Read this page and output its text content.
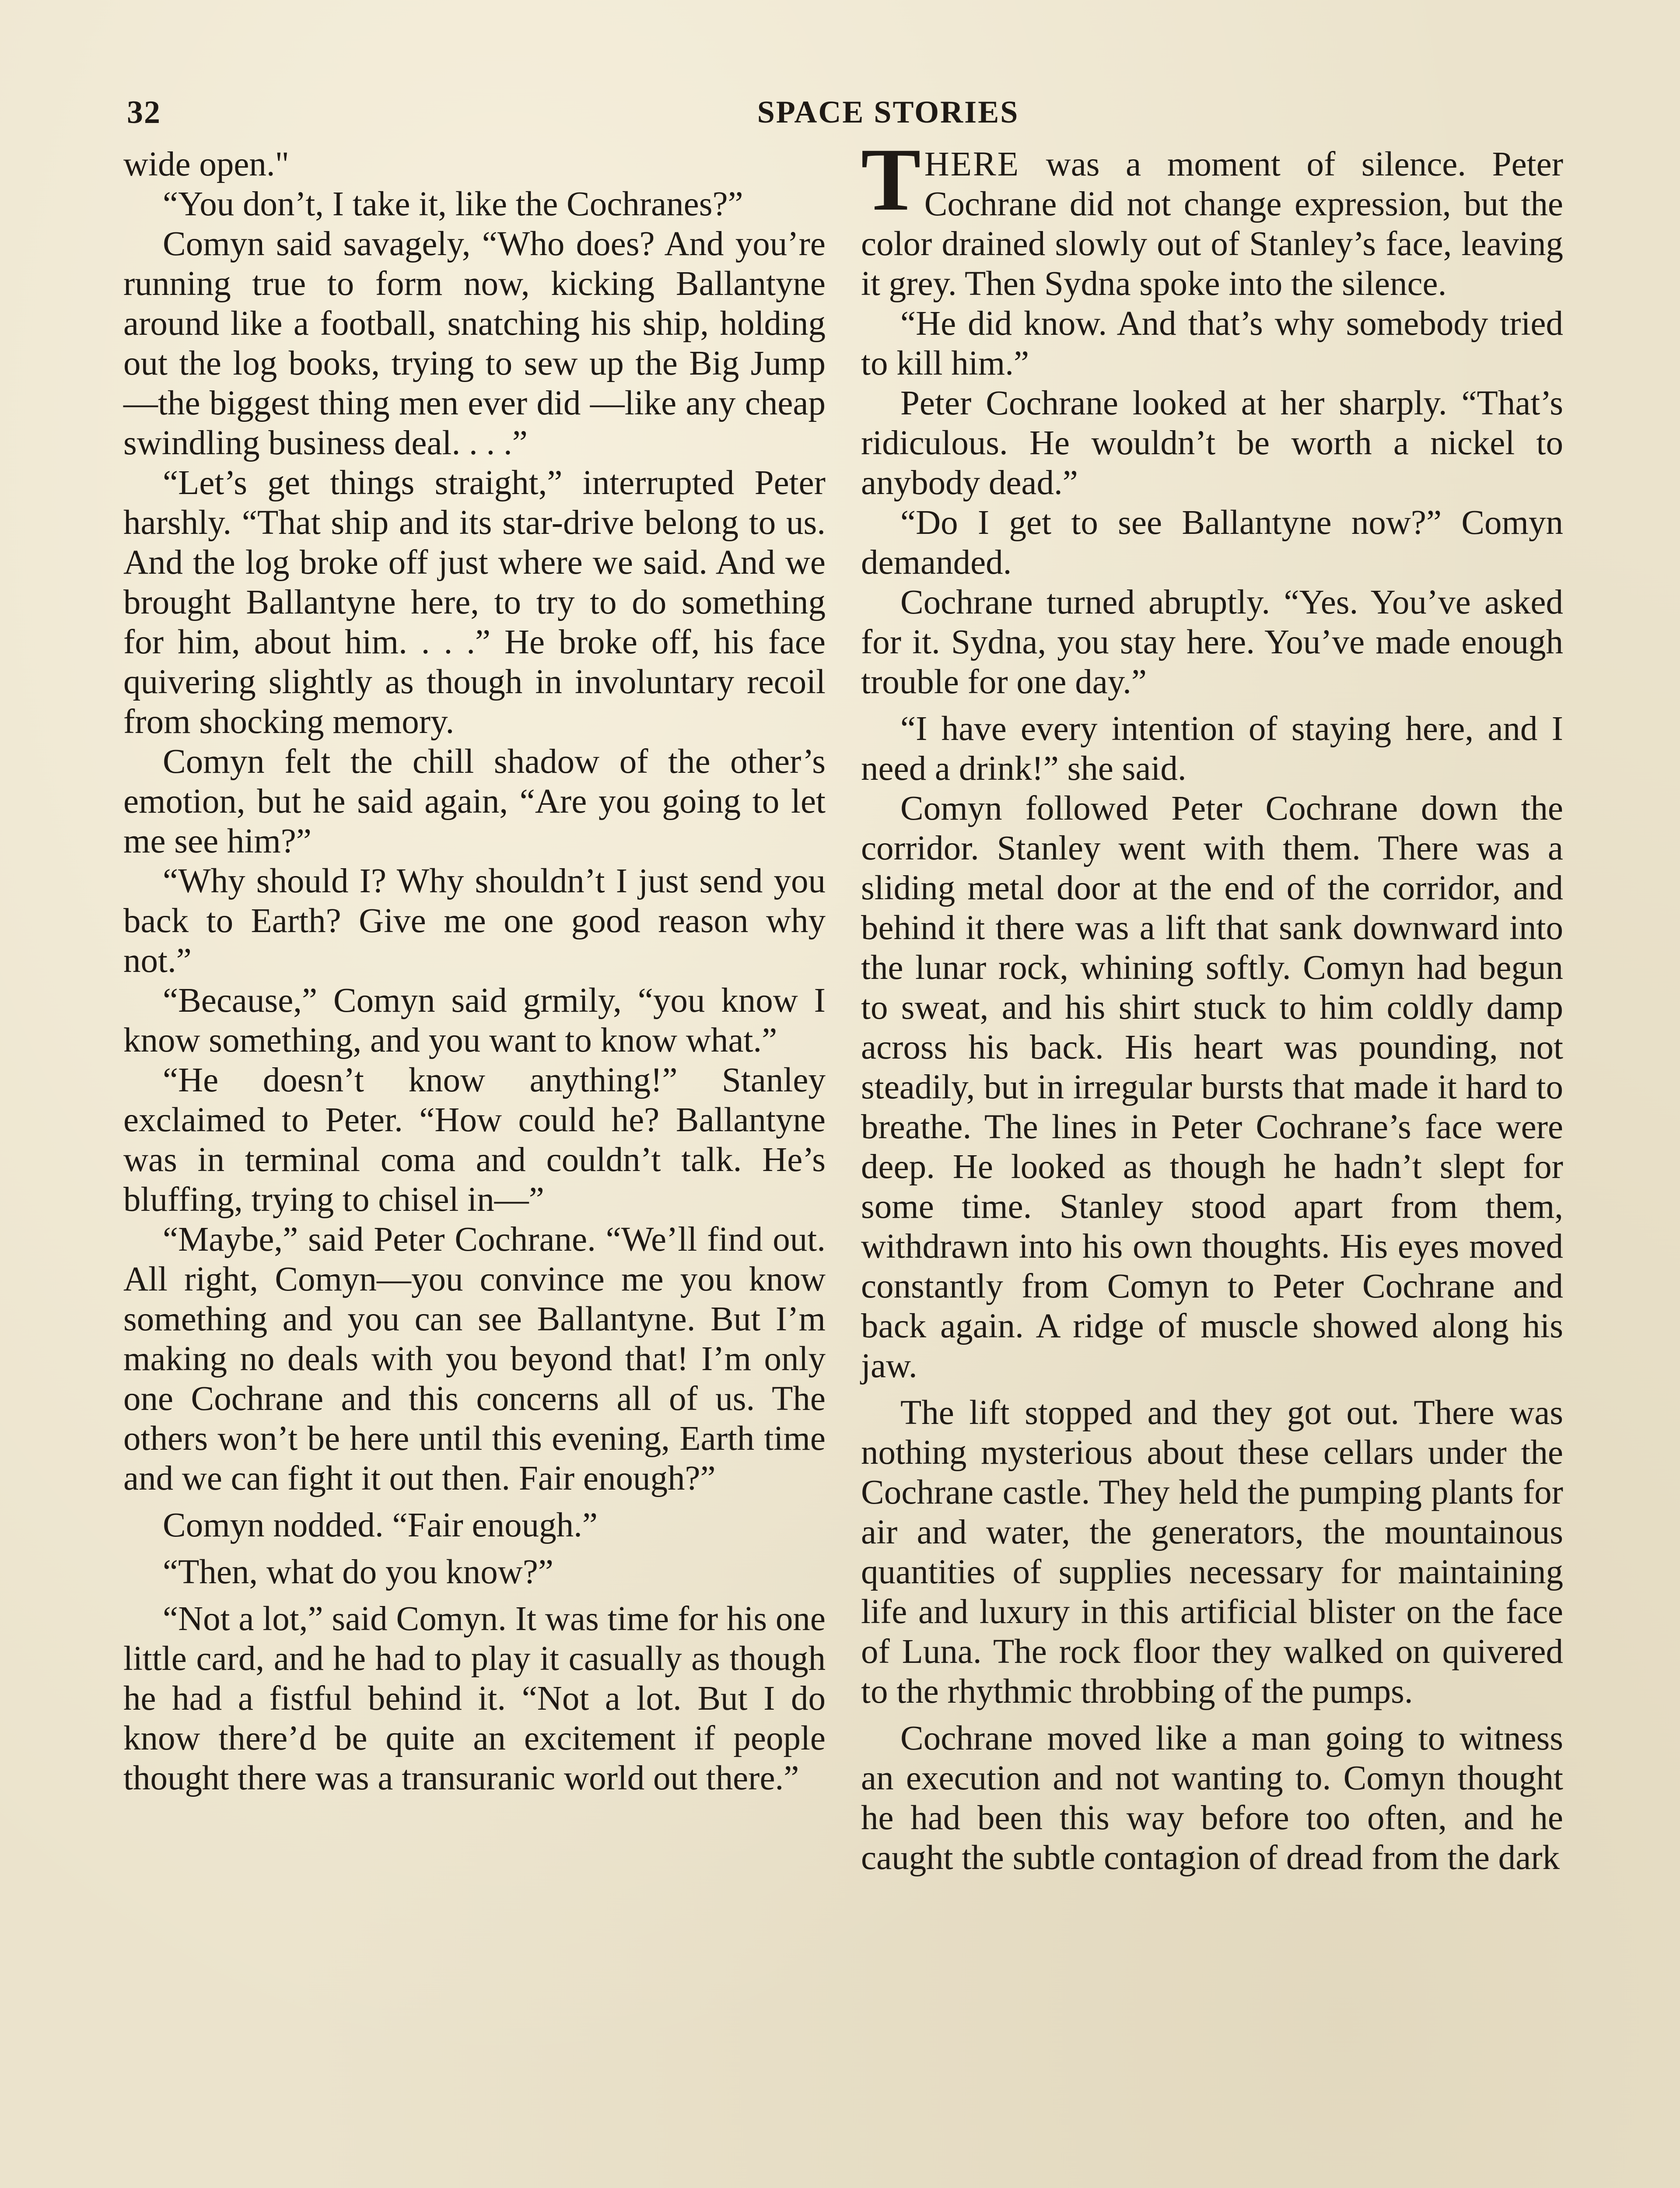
32	SPACE STORIES

wide open."

“You don’t, I take it, like the Cochranes?”

Comyn said savagely, “Who does? And you’re running true to form now, kicking Ballantyne around like a football, snatching his ship, holding out the log books, trying to sew up the Big Jump—the biggest thing men ever did —like any cheap swindling business deal. . . .”

“Let’s get things straight,” interrupted Peter harshly. “That ship and its star-drive belong to us. And the log broke off just where we said. And we brought Ballantyne here, to try to do something for him, about him. . . .” He broke off, his face quivering slightly as though in involuntary recoil from shocking memory.

Comyn felt the chill shadow of the other’s emotion, but he said again, “Are you going to let me see him?”

“Why should I? Why shouldn’t I just send you back to Earth? Give me one good reason why not.”

“Because,” Comyn said grmily, “you know I know something, and you want to know what.”

“He doesn’t know anything!” Stanley exclaimed to Peter. “How could he? Ballantyne was in terminal coma and couldn’t talk. He’s bluffing, trying to chisel in—”

“Maybe,” said Peter Cochrane. “We’ll find out. All right, Comyn—you convince me you know something and you can see Ballantyne. But I’m making no deals with you beyond that! I’m only one Cochrane and this concerns all of us. The others won’t be here until this evening, Earth time and we can fight it out then. Fair enough?”

Comyn nodded. “Fair enough.”

“Then, what do you know?”

“Not a lot,” said Comyn. It was time for his one little card, and he had to play it casually as though he had a fistful behind it. “Not a lot. But I do know there’d be quite an excitement if people thought there was a transuranic world out there.”

THERE was a moment of silence. Peter Cochrane did not change expression, but the color drained slowly out of Stanley’s face, leaving it grey. Then Sydna spoke into the silence.

“He did know. And that’s why somebody tried to kill him.”

Peter Cochrane looked at her sharply. “That’s ridiculous. He wouldn’t be worth a nickel to anybody dead.”

“Do I get to see Ballantyne now?” Comyn demanded.

Cochrane turned abruptly. “Yes. You’ve asked for it. Sydna, you stay here. You’ve made enough trouble for one day.”

“I have every intention of staying here, and I need a drink!” she said.

Comyn followed Peter Cochrane down the corridor. Stanley went with them. There was a sliding metal door at the end of the corridor, and behind it there was a lift that sank downward into the lunar rock, whining softly. Comyn had begun to sweat, and his shirt stuck to him coldly damp across his back. His heart was pounding, not steadily, but in irregular bursts that made it hard to breathe. The lines in Peter Cochrane’s face were deep. He looked as though he hadn’t slept for some time. Stanley stood apart from them, withdrawn into his own thoughts. His eyes moved constantly from Comyn to Peter Cochrane and back again. A ridge of muscle showed along his jaw.

The lift stopped and they got out. There was nothing mysterious about these cellars under the Cochrane castle. They held the pumping plants for air and water, the generators, the mountainous quantities of supplies necessary for maintaining life and luxury in this artificial blister on the face of Luna. The rock floor they walked on quivered to the rhythmic throbbing of the pumps.

Cochrane moved like a man going to witness an execution and not wanting to. Comyn thought he had been this way before too often, and he caught the subtle contagion of dread from the dark
